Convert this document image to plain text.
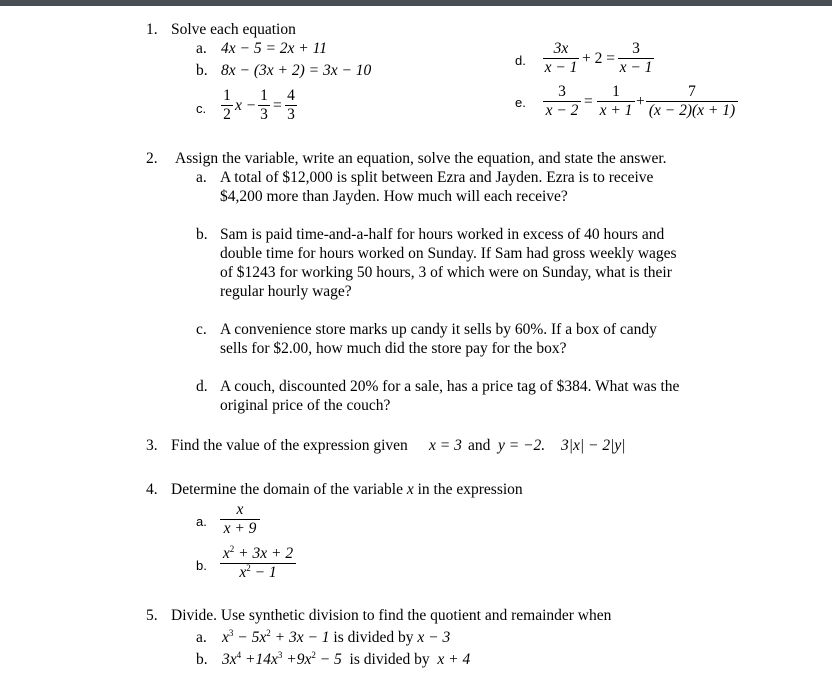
1. Solve each equation
a. 4x − 5 = 2x + 11
b. 8x − (3x + 2) = 3x − 10
c.
1
2
x −
1
3
=
4
3
d.
3x
x − 1
+ 2 =
3
x − 1
e.
3
x − 2
=
1
x + 1
+
7
(x − 2)(x + 1)
2. Assign the variable, write an equation, solve the equation, and state the answer.
a. A total of $12,000 is split between Ezra and Jayden. Ezra is to receive
$4,200 more than Jayden. How much will each receive?
b. Sam is paid time-and-a-half for hours worked in excess of 40 hours and
double time for hours worked on Sunday. If Sam had gross weekly wages
of $1243 for working 50 hours, 3 of which were on Sunday, what is their
regular hourly wage?
c. A convenience store marks up candy it sells by 60%. If a box of candy
sells for $2.00, how much did the store pay for the box?
d. A couch, discounted 20% for a sale, has a price tag of $384. What was the
original price of the couch?
3. Find the value of the expression given x = 3 and y = −2. 3|x| − 2|y|
4. Determine the domain of the variable x in the expression
a.
x
x + 9
b.
$x^2 + 3x + 2$
$x^2 - 1$
5. Divide. Use synthetic division to find the quotient and remainder when
a. $x^3 - 5x^2 + 3x - 1$ is divided by x − 3
b. $3x^4 +14x^3 +9x^2 - 5$ is divided by x + 4
